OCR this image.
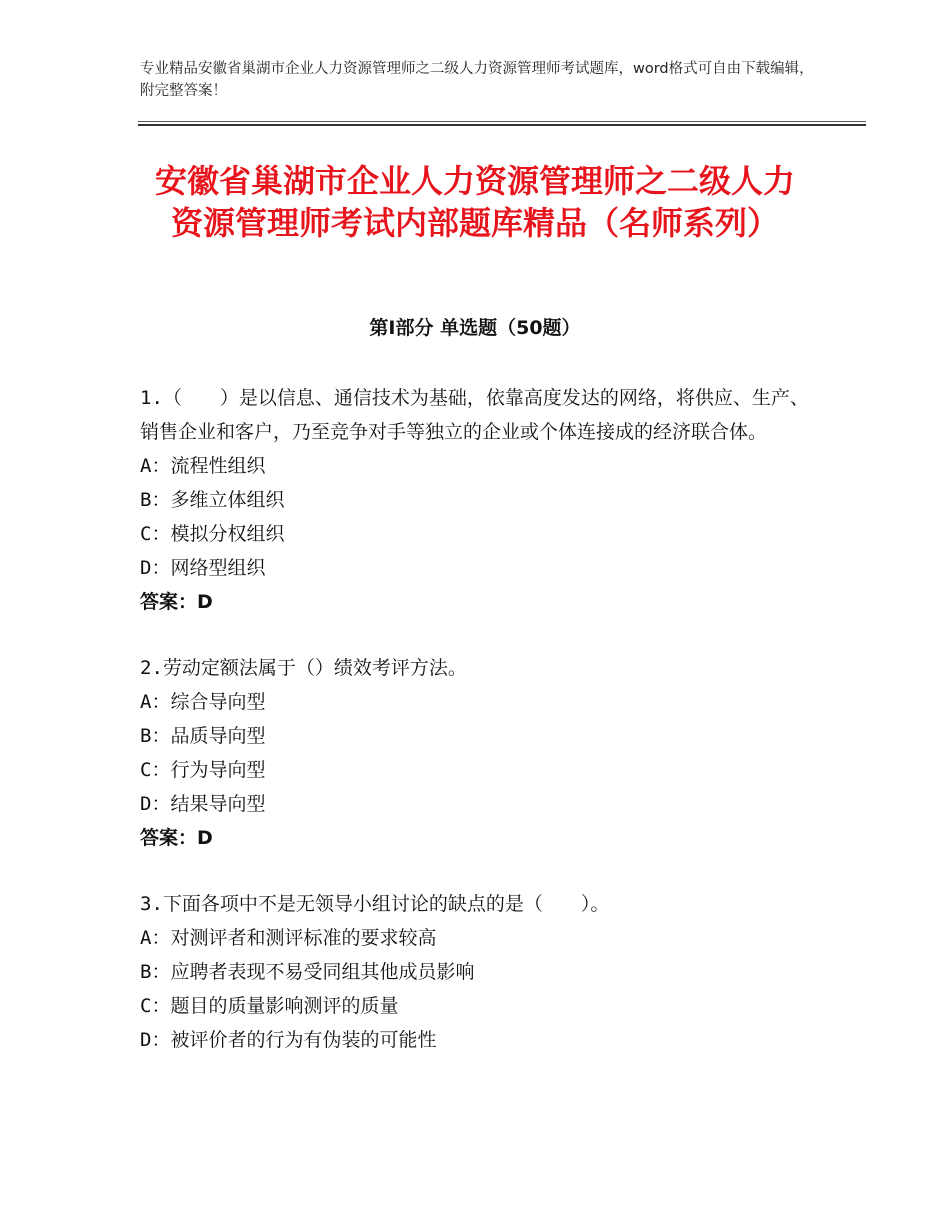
专业精品安徽省巢湖市企业人力资源管理师之二级人力资源管理师考试题库，word格式可自由下载编辑，附完整答案！
安徽省巢湖市企业人力资源管理师之二级人力资源管理师考试内部题库精品（名师系列）
第Ⅰ部分 单选题（50题）
1.（　　）是以信息、通信技术为基础，依靠高度发达的网络，将供应、生产、销售企业和客户，乃至竞争对手等独立的企业或个体连接成的经济联合体。
A：流程性组织
B：多维立体组织
C：模拟分权组织
D：网络型组织
答案：D
2.劳动定额法属于（）绩效考评方法。
A：综合导向型
B：品质导向型
C：行为导向型
D：结果导向型
答案：D
3.下面各项中不是无领导小组讨论的缺点的是（　　）。
A：对测评者和测评标准的要求较高
B：应聘者表现不易受同组其他成员影响
C：题目的质量影响测评的质量
D：被评价者的行为有伪装的可能性
